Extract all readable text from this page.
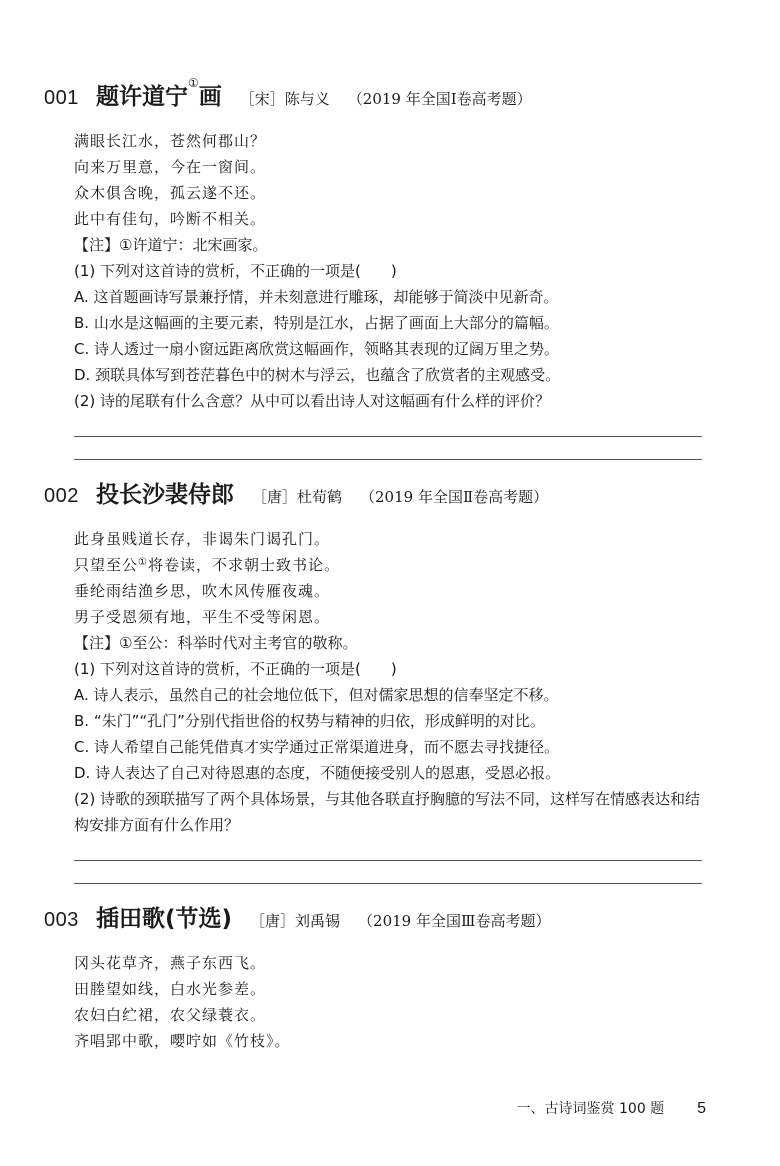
001 题许道宁①画 ［宋］陈与义 （2019 年全国Ⅰ卷高考题）
满眼长江水，苍然何郡山？
向来万里意，今在一窗间。
众木俱含晚，孤云遂不还。
此中有佳句，吟断不相关。
【注】①许道宁：北宋画家。
(1) 下列对这首诗的赏析，不正确的一项是(　　)
A. 这首题画诗写景兼抒情，并未刻意进行雕琢，却能够于简淡中见新奇。
B. 山水是这幅画的主要元素，特别是江水，占据了画面上大部分的篇幅。
C. 诗人透过一扇小窗远距离欣赏这幅画作，领略其表现的辽阔万里之势。
D. 颈联具体写到苍茫暮色中的树木与浮云，也蕴含了欣赏者的主观感受。
(2) 诗的尾联有什么含意？从中可以看出诗人对这幅画有什么样的评价？
002 投长沙裴侍郎 ［唐］杜荀鹤 （2019 年全国Ⅱ卷高考题）
此身虽贱道长存，非谒朱门谒孔门。
只望至公①将卷读，不求朝士致书论。
垂纶雨结渔乡思，吹木风传雁夜魂。
男子受恩须有地，平生不受等闲恩。
【注】①至公：科举时代对主考官的敬称。
(1) 下列对这首诗的赏析，不正确的一项是(　　)
A. 诗人表示，虽然自己的社会地位低下，但对儒家思想的信奉坚定不移。
B. “朱门”“孔门”分别代指世俗的权势与精神的归依，形成鲜明的对比。
C. 诗人希望自己能凭借真才实学通过正常渠道进身，而不愿去寻找捷径。
D. 诗人表达了自己对待恩惠的态度，不随便接受别人的恩惠，受恩必报。
(2) 诗歌的颈联描写了两个具体场景，与其他各联直抒胸臆的写法不同，这样写在情感表达和结构安排方面有什么作用？
003 插田歌(节选) ［唐］刘禹锡 （2019 年全国Ⅲ卷高考题）
冈头花草齐，燕子东西飞。
田塍望如线，白水光参差。
农妇白纻裙，农父绿蓑衣。
齐唱郢中歌，嘤咛如《竹枝》。
一、古诗词鉴赏 100 题 5
